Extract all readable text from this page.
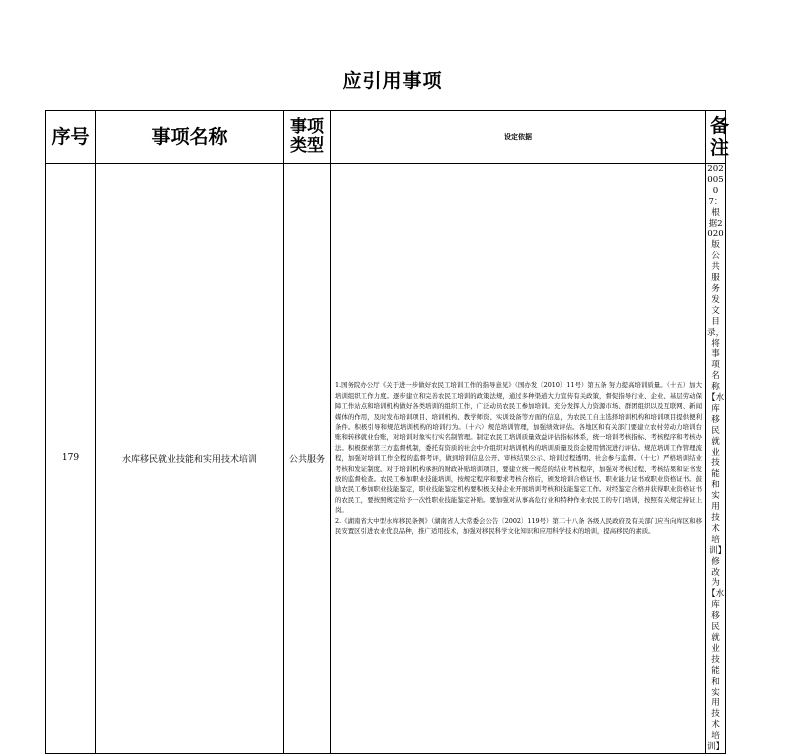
应引用事项
序号	事项名称	事项类型	设定依据	备注
179	水库移民就业技能和实用技术培训	公共服务	1.国务院办公厅《关于进一步做好农民工培训工作的指导意见》（国办发〔2010〕11号）第五条 努力提高培训质量。（十五）加大培训组织工作力度。逐步建立和完善农民工培训的政策法规，通过多种渠道大力宣传有关政策，督促指导行业、企业、基层劳动保障工作站点和培训机构做好各类培训的组织工作，广泛动员农民工参加培训。充分发挥人力资源市场、群团组织以及互联网、新闻媒体的作用，及时发布培训项目、培训机构、教学师资、实训设备等方面的信息，为农民工自主选择培训机构和培训项目提供便利条件。积极引导和规范培训机构的培训行为。（十六）规范培训管理，加强绩效评估。各地区和有关部门要建立农村劳动力培训台账和转移就业台账，对培训对象实行实名制管理。制定农民工培训质量效益评估指标体系，统一培训考核指标、考核程序和考核办法。积极探索第三方监督机制，委托有资质的社会中介组织对培训机构的培训质量及资金使用情况进行评估。规范培训工作管理流程，加强对培训工作全程的监督考评，做到培训信息公开、审核结果公示、培训过程透明、社会参与监督。（十七）严格培训结业考核和发证制度。对于培训机构承担的财政补贴培训项目，要建立统一规范的结业考核程序，加强对考核过程、考核结果和证书发放的监督检查。农民工参加职业技能培训，按规定程序和要求考核合格后，颁发培训合格证书、职业能力证书或职业资格证书。鼓励农民工参加职业技能鉴定，职业技能鉴定机构要积极支持企业开展培训考核和技能鉴定工作。对经鉴定合格并获得职业资格证书的农民工，要按照规定给予一次性职业技能鉴定补贴。要加强对从事高危行业和特种作业农民工的专门培训，按照有关规定持证上岗。

2.《湖南省大中型水库移民条例》（湖南省人大常委会公告〔2002〕119号）第二十八条 各级人民政府及有关部门应当向库区和移民安置区引进农业优良品种，推广适用技术，加强对移民科学文化知识和应用科学技术的培训，提高移民的素质。	20200507：根据2020版公共服务发文目录，将事项名称【水库移民就业技能和实用技术培训】修改为【水库移民就业技能和实用技术培训】
